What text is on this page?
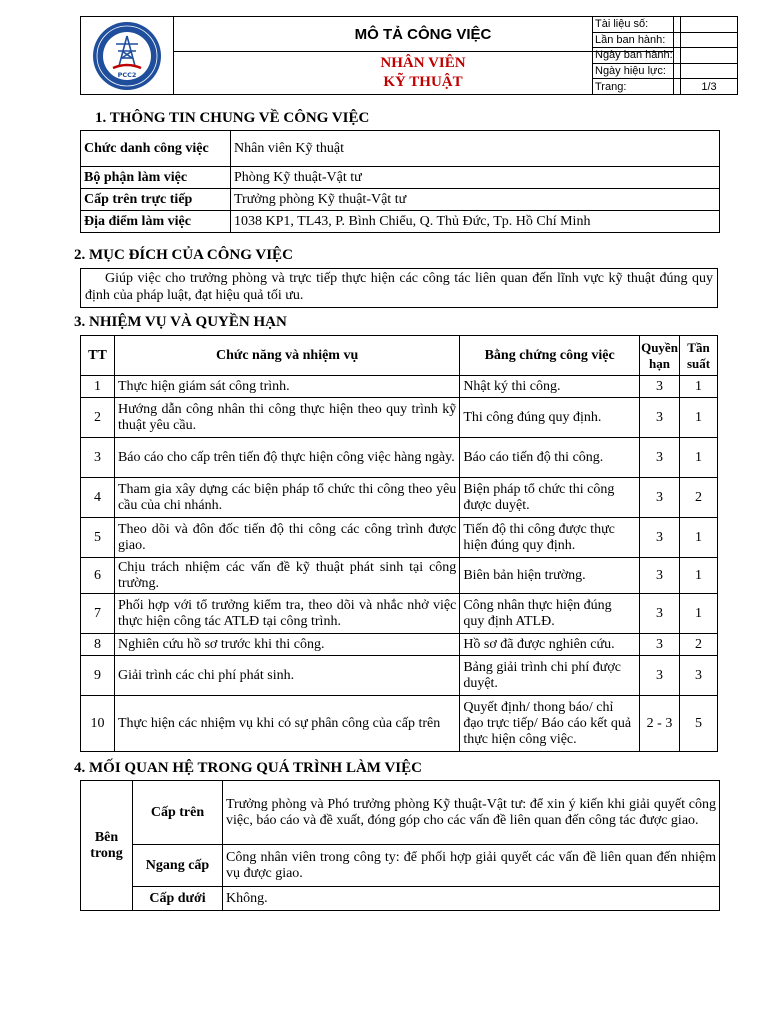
PCC2
MÔ TẢ CÔNG VIỆC
NHÂN VIÊN
KỸ THUẬT
Tài liệu số:	
Lần ban hành:	
Ngày ban hành:	
Ngày hiệu lực:	
Trang:	1/3
1. THÔNG TIN CHUNG VỀ CÔNG VIỆC
Chức danh công việc	Nhân viên Kỹ thuật
Bộ phận làm việc	Phòng Kỹ thuật-Vật tư
Cấp trên trực tiếp	Trưởng phòng Kỹ thuật-Vật tư
Địa điểm làm việc	1038 KP1, TL43, P. Bình Chiểu, Q. Thủ Đức, Tp. Hồ Chí Minh
2. MỤC ĐÍCH CỦA CÔNG VIỆC
Giúp việc cho trưởng phòng và trực tiếp thực hiện các công tác liên quan đến lĩnh vực kỹ thuật đúng quy định của pháp luật, đạt hiệu quả tối ưu.
3. NHIỆM VỤ VÀ QUYỀN HẠN
TT	Chức năng và nhiệm vụ	Bằng chứng công việc	Quyền hạn	Tần suất
1	Thực hiện giám sát công trình.	Nhật ký thi công.	3	1
2	Hướng dẫn công nhân thi công thực hiện theo quy trình kỹ thuật yêu cầu.	Thi công đúng quy định.	3	1
3	Báo cáo cho cấp trên tiến độ thực hiện công việc hàng ngày.	Báo cáo tiến độ thi công.	3	1
4	Tham gia xây dựng các biện pháp tổ chức thi công theo yêu cầu của chi nhánh.	Biện pháp tổ chức thi công được duyệt.	3	2
5	Theo dõi và đôn đốc tiến độ thi công các công trình được giao.	Tiến độ thi công được thực hiện đúng quy định.	3	1
6	Chịu trách nhiệm các vấn đề kỹ thuật phát sinh tại công trường.	Biên bản hiện trường.	3	1
7	Phối hợp với tổ trưởng kiểm tra, theo dõi và nhắc nhở việc thực hiện công tác ATLĐ tại công trình.	Công nhân thực hiện đúng quy định ATLĐ.	3	1
8	Nghiên cứu hồ sơ trước khi thi công.	Hồ sơ đã được nghiên cứu.	3	2
9	Giải trình các chi phí phát sinh.	Bảng giải trình chi phí được duyệt.	3	3
10	Thực hiện các nhiệm vụ khi có sự phân công của cấp trên	Quyết định/ thong báo/ chỉ đạo trực tiếp/ Báo cáo kết quả thực hiện công việc.	2 - 3	5
4. MỐI QUAN HỆ TRONG QUÁ TRÌNH LÀM VIỆC
Bên trong	Cấp trên	Trưởng phòng và Phó trưởng phòng Kỹ thuật-Vật tư: để xin ý kiến khi giải quyết công việc, báo cáo và đề xuất, đóng góp cho các vấn đề liên quan đến công tác được giao.
	Ngang cấp	Công nhân viên trong công ty: để phối hợp giải quyết các vấn đề liên quan đến nhiệm vụ được giao.
	Cấp dưới	Không.
